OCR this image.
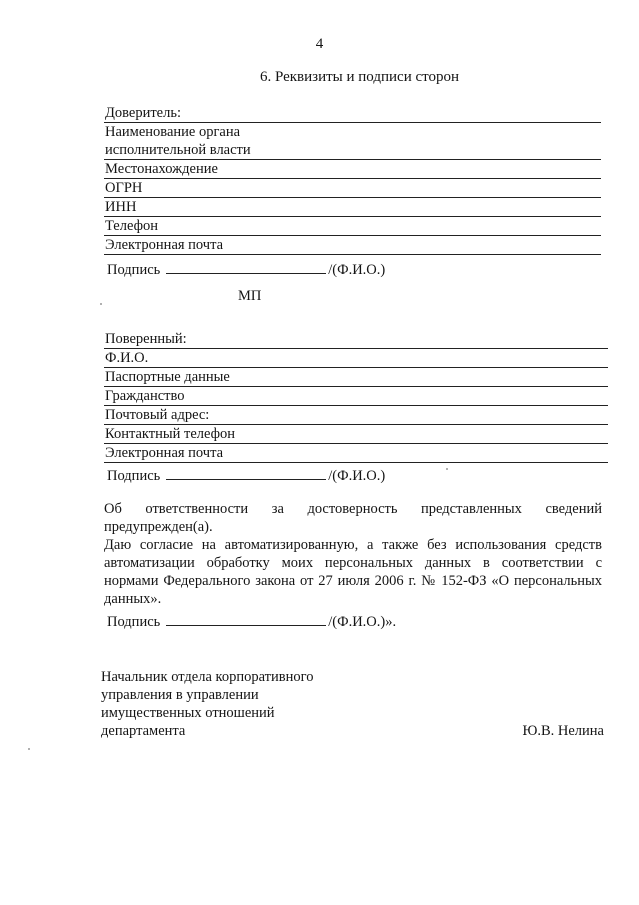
4
6. Реквизиты и подписи сторон
Доверитель:
Наименование органа
исполнительной власти
Местонахождение
ОГРН
ИНН
Телефон
Электронная почта
Подпись	/(Ф.И.О.)
МП
Поверенный:
Ф.И.О.
Паспортные данные
Гражданство
Почтовый адрес:
Контактный телефон
Электронная почта
Подпись	/(Ф.И.О.)

Об ответственности за достоверность представленных сведений

предупрежден(а).

Даю согласие на автоматизированную, а также без использования средств

автоматизации обработку моих персональных данных в соответствии с

нормами Федерального закона от 27 июля 2006 г. № 152-ФЗ «О персональных

данных».

Подпись	/(Ф.И.О.)».
Начальник отдела корпоративного
управления в управлении
имущественных отношений
департамента	Ю.В. Нелина
